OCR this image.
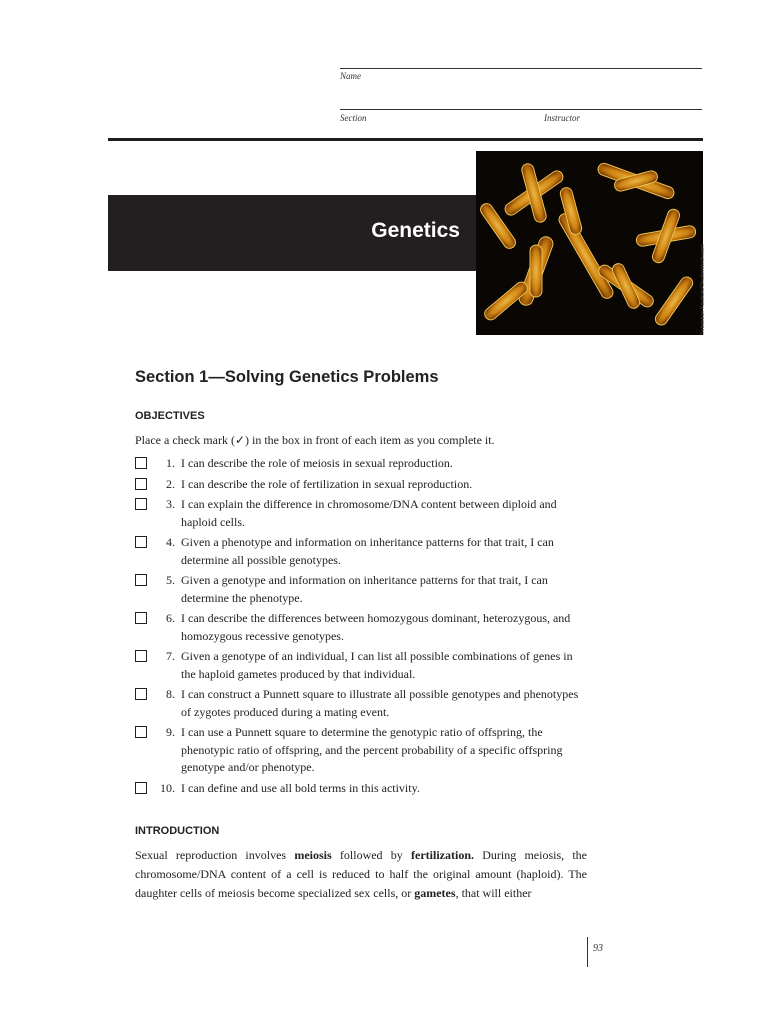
Name
Section	Instructor
Genetics
Sebastian Kaulitzki/Shutterstock.com
Section 1—Solving Genetics Problems
OBJECTIVES
Place a check mark (✓) in the box in front of each item as you complete it.
1. I can describe the role of meiosis in sexual reproduction.
2. I can describe the role of fertilization in sexual reproduction.
3. I can explain the difference in chromosome/DNA content between diploid and haploid cells.
4. Given a phenotype and information on inheritance patterns for that trait, I can determine all possible genotypes.
5. Given a genotype and information on inheritance patterns for that trait, I can determine the phenotype.
6. I can describe the differences between homozygous dominant, heterozygous, and homozygous recessive genotypes.
7. Given a genotype of an individual, I can list all possible combinations of genes in the haploid gametes produced by that individual.
8. I can construct a Punnett square to illustrate all possible genotypes and phenotypes of zygotes produced during a mating event.
9. I can use a Punnett square to determine the genotypic ratio of offspring, the phenotypic ratio of offspring, and the percent probability of a specific offspring genotype and/or phenotype.
10. I can define and use all bold terms in this activity.
INTRODUCTION
Sexual reproduction involves meiosis followed by fertilization. During meiosis, the chromosome/DNA content of a cell is reduced to half the original amount (haploid). The daughter cells of meiosis become specialized sex cells, or gametes, that will either
93
